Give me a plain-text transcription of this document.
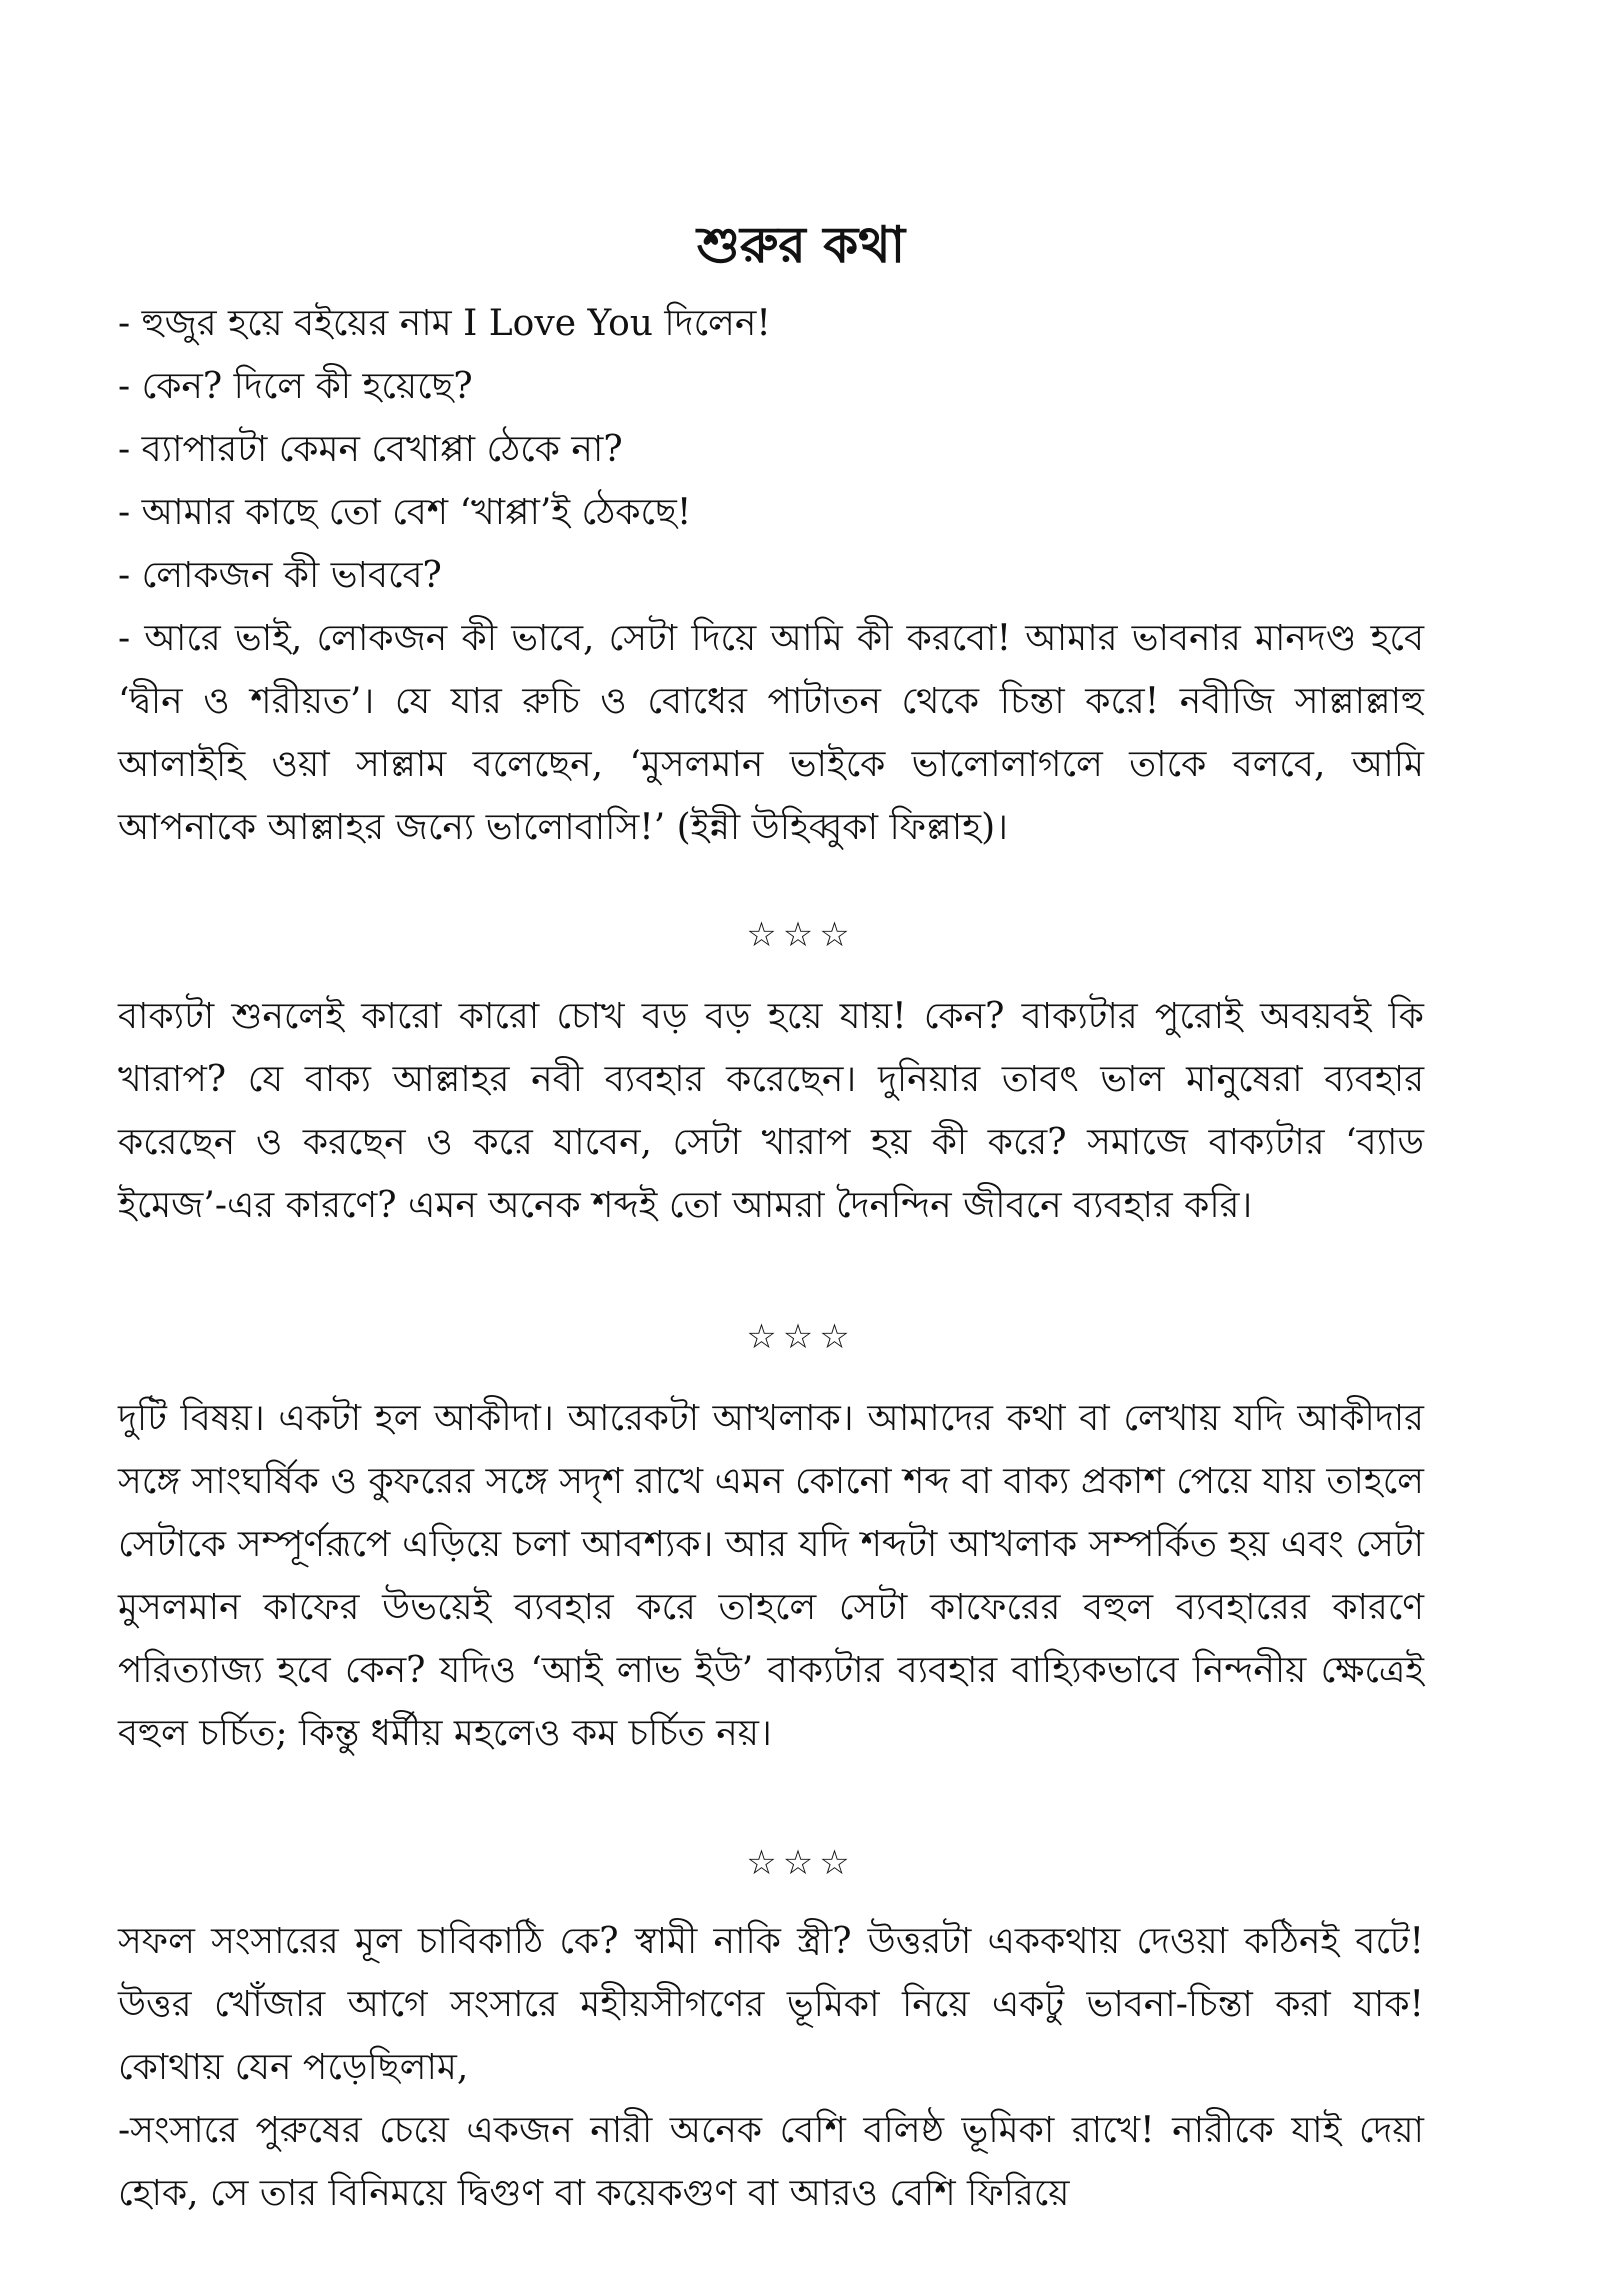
শুরুর কথা
- হুজুর হয়ে বইয়ের নাম I Love You দিলেন!
- কেন? দিলে কী হয়েছে?
- ব্যাপারটা কেমন বেখাপ্পা ঠেকে না?
- আমার কাছে তো বেশ ‘খাপ্পা’ই ঠেকছে!
- লোকজন কী ভাববে?

- আরে ভাই, লোকজন কী ভাবে, সেটা দিয়ে আমি কী করবো! আমার ভাবনার মানদণ্ড হবে ‘দ্বীন ও শরীয়ত’। যে যার রুচি ও বোধের পাটাতন থেকে চিন্তা করে! নবীজি সাল্লাল্লাহু আলাইহি ওয়া সাল্লাম বলেছেন, ‘মুসলমান ভাইকে ভালোলাগলে তাকে বলবে, আমি আপনাকে আল্লাহর জন্যে ভালোবাসি!’ (ইন্নী উহিব্বুকা ফিল্লাহ)।

☆☆☆

বাক্যটা শুনলেই কারো কারো চোখ বড় বড় হয়ে যায়! কেন? বাক্যটার পুরোই অবয়বই কি খারাপ? যে বাক্য আল্লাহর নবী ব্যবহার করেছেন। দুনিয়ার তাবৎ ভাল মানুষেরা ব্যবহার করেছেন ও করছেন ও করে যাবেন, সেটা খারাপ হয় কী করে? সমাজে বাক্যটার ‘ব্যাড ইমেজ’-এর কারণে? এমন অনেক শব্দই তো আমরা দৈনন্দিন জীবনে ব্যবহার করি।

☆☆☆

দুটি বিষয়। একটা হল আকীদা। আরেকটা আখলাক। আমাদের কথা বা লেখায় যদি আকীদার সঙ্গে সাংঘর্ষিক ও কুফরের সঙ্গে সদৃশ রাখে এমন কোনো শব্দ বা বাক্য প্রকাশ পেয়ে যায় তাহলে সেটাকে সম্পূর্ণরূপে এড়িয়ে চলা আবশ্যক। আর যদি শব্দটা আখলাক সম্পর্কিত হয় এবং সেটা মুসলমান কাফের উভয়েই ব্যবহার করে তাহলে সেটা কাফেরের বহুল ব্যবহারের কারণে পরিত্যাজ্য হবে কেন? যদিও ‘আই লাভ ইউ’ বাক্যটার ব্যবহার বাহ্যিকভাবে নিন্দনীয় ক্ষেত্রেই বহুল চর্চিত; কিন্তু ধর্মীয় মহলেও কম চর্চিত নয়।

☆☆☆

সফল সংসারের মূল চাবিকাঠি কে? স্বামী নাকি স্ত্রী? উত্তরটা এককথায় দেওয়া কঠিনই বটে! উত্তর খোঁজার আগে সংসারে মহীয়সীগণের ভূমিকা নিয়ে একটু ভাবনা-চিন্তা করা যাক! কোথায় যেন পড়েছিলাম,

-সংসারে পুরুষের চেয়ে একজন নারী অনেক বেশি বলিষ্ঠ ভূমিকা রাখে! নারীকে যাই দেয়া হোক, সে তার বিনিময়ে দ্বিগুণ বা কয়েকগুণ বা আরও বেশি ফিরিয়ে
